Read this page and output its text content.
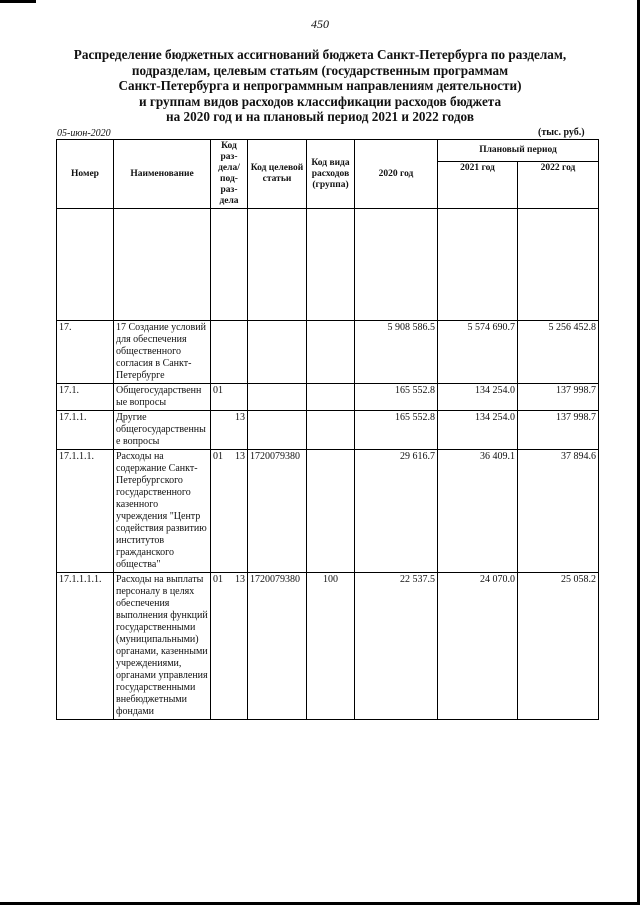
450
Распределение бюджетных ассигнований бюджета Санкт-Петербурга по разделам,
подразделам, целевым статьям (государственным программам
Санкт-Петербурга и непрограммным направлениям деятельности)
и группам видов расходов классификации расходов бюджета
на 2020 год и на плановый период 2021 и 2022 годов
05-июн-2020	(тыс. руб.)
Номер	Наименование	Код раз-дела/ под-раз-дела	Код целевой статьи	Код вида расходов (группа)	2020 год	Плановый период	
						2021 год	2022 год

17.	17 Создание условий для обеспечения общественного согласия в Санкт-Петербурге				5 908 586.5	5 574 690.7	5 256 452.8
17.1.	Общегосударственные вопросы	01			165 552.8	134 254.0	137 998.7
17.1.1.	Другие общегосударственные вопросы	13			165 552.8	134 254.0	137 998.7
17.1.1.1.	Расходы на содержание Санкт-Петербургского государственного казенного учреждения "Центр содействия развитию институтов гражданского общества"	01 13	1720079380		29 616.7	36 409.1	37 894.6
17.1.1.1.1.	Расходы на выплаты персоналу в целях обеспечения выполнения функций государственными (муниципальными) органами, казенными учреждениями, органами управления государственными внебюджетными фондами	01 13	1720079380	100	22 537.5	24 070.0	25 058.2
